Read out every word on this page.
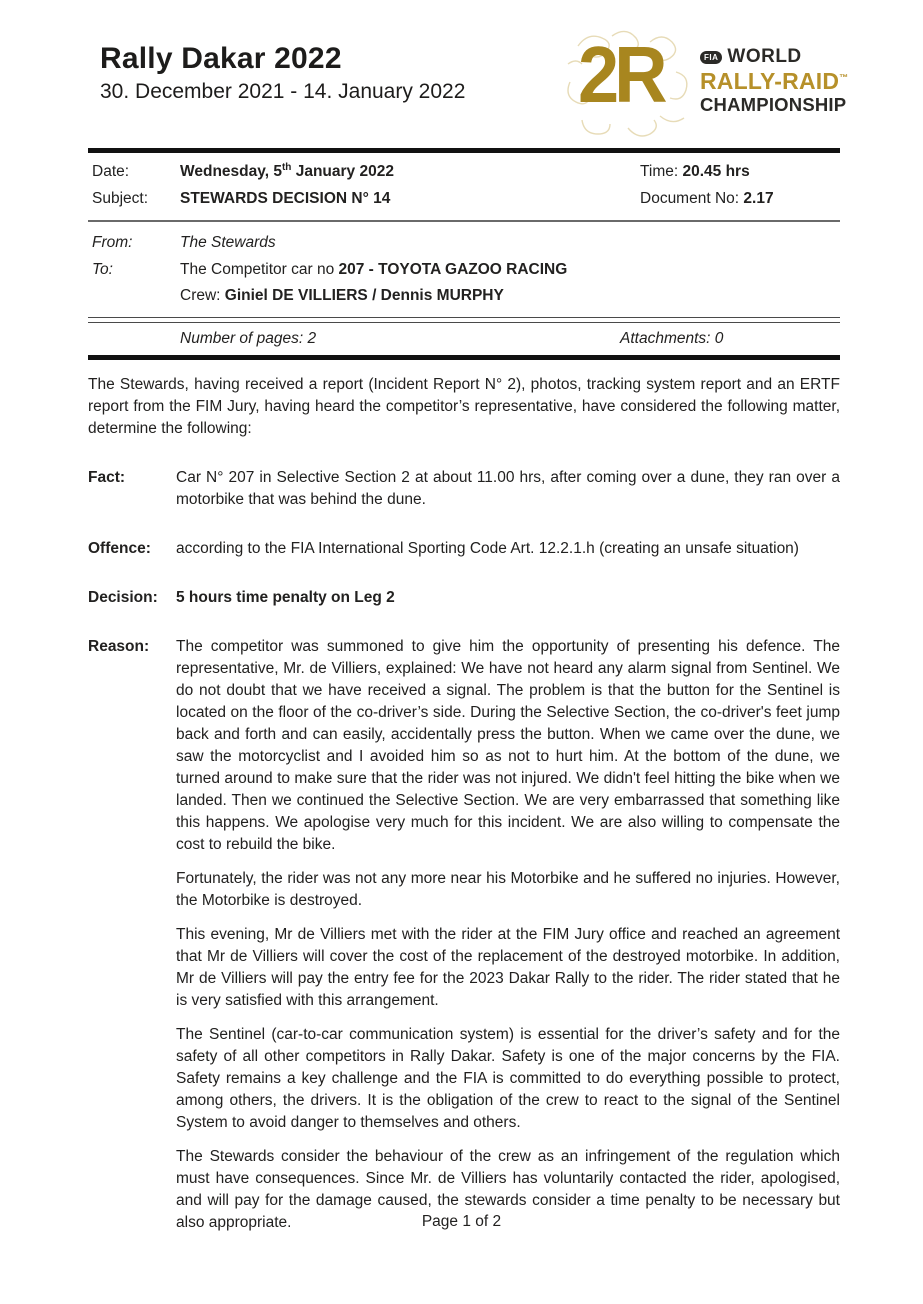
Rally Dakar 2022
30. December 2021 - 14. January 2022 2R	FIA WORLD
RALLY-RAID™
CHAMPIONSHIP
Date:	Wednesday, 5th January 2022	Time: 20.45 hrs
Subject:	STEWARDS DECISION N° 14	Document No: 2.17
From:	The Stewards
To:	The Competitor car no 207 - TOYOTA GAZOO RACING
Crew: Giniel DE VILLIERS / Dennis MURPHY
Number of pages: 2	Attachments: 0

The Stewards, having received a report (Incident Report N° 2), photos, tracking system report and an ERTF report from the FIM Jury, having heard the competitor’s representative, have considered the following matter, determine the following:

Fact:	Car N° 207 in Selective Section 2 at about 11.00 hrs, after coming over a dune, they ran over a motorbike that was behind the dune.

Offence:	according to the FIA International Sporting Code Art. 12.2.1.h (creating an unsafe situation)

Decision:	5 hours time penalty on Leg 2

Reason:	The competitor was summoned to give him the opportunity of presenting his defence. The representative, Mr. de Villiers, explained: We have not heard any alarm signal from Sentinel. We do not doubt that we have received a signal. The problem is that the button for the Sentinel is located on the floor of the co-driver’s side. During the Selective Section, the co-driver's feet jump back and forth and can easily, accidentally press the button. When we came over the dune, we saw the motorcyclist and I avoided him so as not to hurt him. At the bottom of the dune, we turned around to make sure that the rider was not injured. We didn't feel hitting the bike when we landed. Then we continued the Selective Section. We are very embarrassed that something like this happens. We apologise very much for this incident. We are also willing to compensate the cost to rebuild the bike.

Fortunately, the rider was not any more near his Motorbike and he suffered no injuries. However, the Motorbike is destroyed.

This evening, Mr de Villiers met with the rider at the FIM Jury office and reached an agreement that Mr de Villiers will cover the cost of the replacement of the destroyed motorbike. In addition, Mr de Villiers will pay the entry fee for the 2023 Dakar Rally to the rider. The rider stated that he is very satisfied with this arrangement.

The Sentinel (car-to-car communication system) is essential for the driver’s safety and for the safety of all other competitors in Rally Dakar. Safety is one of the major concerns by the FIA. Safety remains a key challenge and the FIA is committed to do everything possible to protect, among others, the drivers. It is the obligation of the crew to react to the signal of the Sentinel System to avoid danger to themselves and others.

The Stewards consider the behaviour of the crew as an infringement of the regulation which must have consequences. Since Mr. de Villiers has voluntarily contacted the rider, apologised, and will pay for the damage caused, the stewards consider a time penalty to be necessary but also appropriate.	Page 1 of 2
